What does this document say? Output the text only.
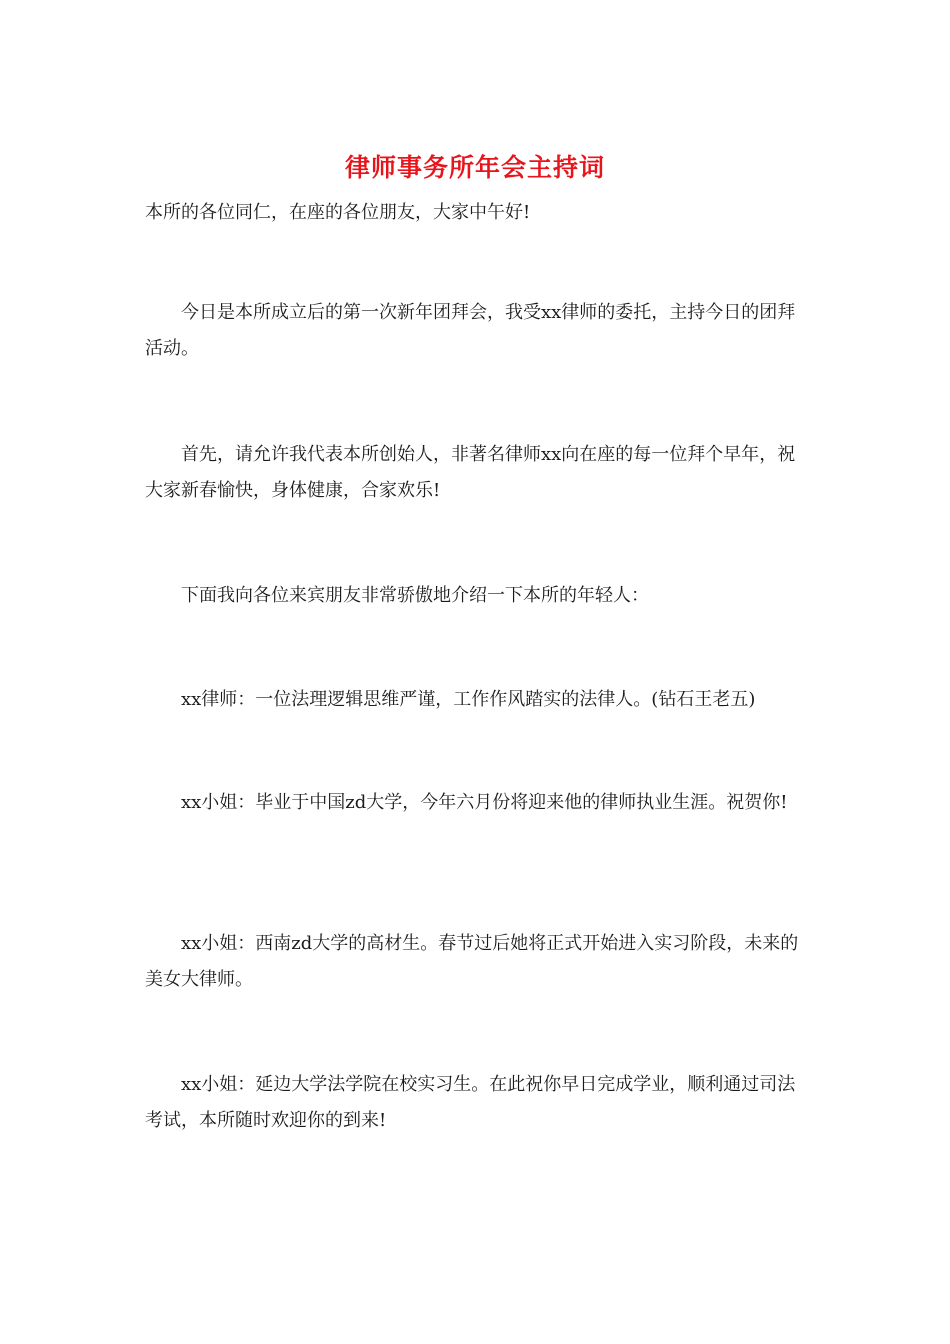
律师事务所年会主持词

本所的各位同仁，在座的各位朋友，大家中午好!

今日是本所成立后的第一次新年团拜会，我受xx律师的委托，主持今日的团拜活动。

首先，请允许我代表本所创始人，非著名律师xx向在座的每一位拜个早年，祝大家新春愉快，身体健康，合家欢乐!

下面我向各位来宾朋友非常骄傲地介绍一下本所的年轻人：

xx律师：一位法理逻辑思维严谨，工作作风踏实的法律人。(钻石王老五)

xx小姐：毕业于中国zd大学，今年六月份将迎来他的律师执业生涯。祝贺你!

xx小姐：西南zd大学的高材生。春节过后她将正式开始进入实习阶段，未来的美女大律师。

xx小姐：延边大学法学院在校实习生。在此祝你早日完成学业，顺利通过司法考试，本所随时欢迎你的到来!
